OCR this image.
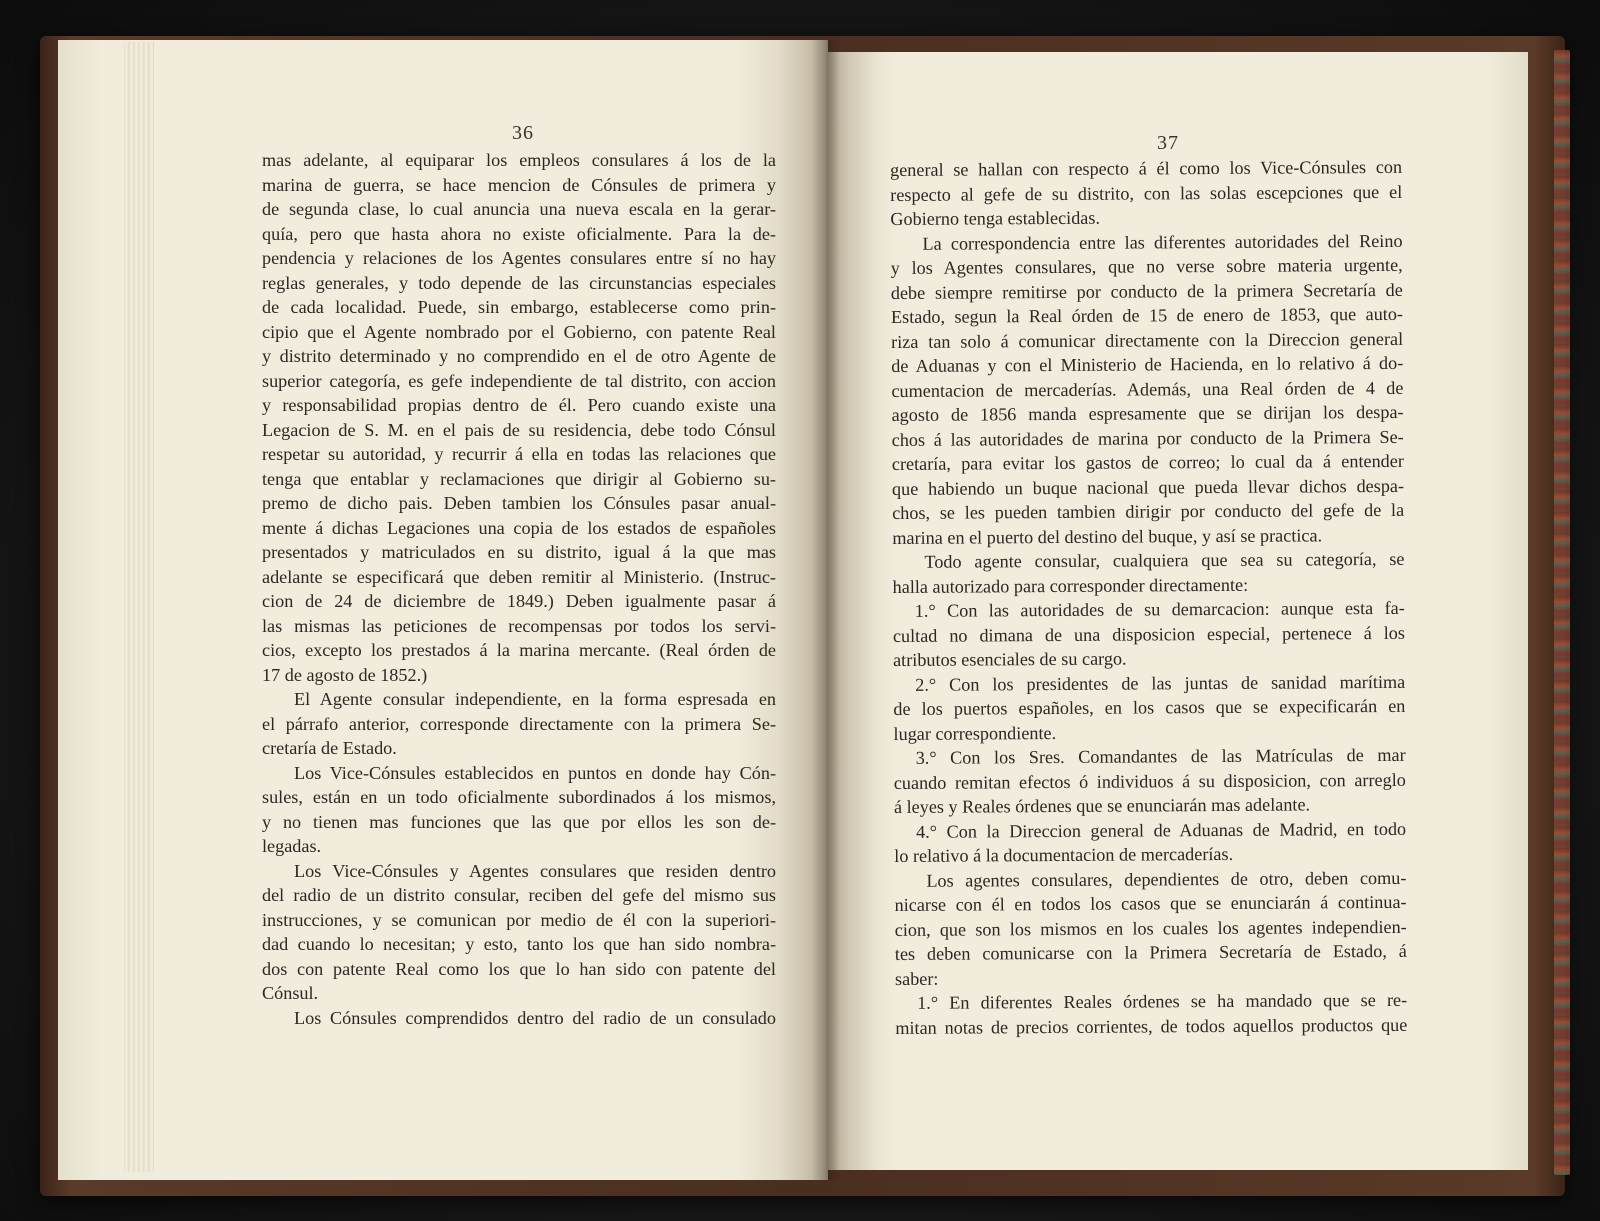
36	37
mas adelante, al equiparar los empleos consulares á los de la
marina de guerra, se hace mencion de Cónsules de primera y
de segunda clase, lo cual anuncia una nueva escala en la gerar-
quía, pero que hasta ahora no existe oficialmente. Para la de-
pendencia y relaciones de los Agentes consulares entre sí no hay
reglas generales, y todo depende de las circunstancias especiales
de cada localidad. Puede, sin embargo, establecerse como prin-
cipio que el Agente nombrado por el Gobierno, con patente Real
y distrito determinado y no comprendido en el de otro Agente de
superior categoría, es gefe independiente de tal distrito, con accion
y responsabilidad propias dentro de él. Pero cuando existe una
Legacion de S. M. en el pais de su residencia, debe todo Cónsul
respetar su autoridad, y recurrir á ella en todas las relaciones que
tenga que entablar y reclamaciones que dirigir al Gobierno su-
premo de dicho pais. Deben tambien los Cónsules pasar anual-
mente á dichas Legaciones una copia de los estados de españoles
presentados y matriculados en su distrito, igual á la que mas
adelante se especificará que deben remitir al Ministerio. (Instruc-
cion de 24 de diciembre de 1849.) Deben igualmente pasar á
las mismas las peticiones de recompensas por todos los servi-
cios, excepto los prestados á la marina mercante. (Real órden de
17 de agosto de 1852.)
El Agente consular independiente, en la forma espresada en
el párrafo anterior, corresponde directamente con la primera Se-
cretaría de Estado.
Los Vice-Cónsules establecidos en puntos en donde hay Cón-
sules, están en un todo oficialmente subordinados á los mismos,
y no tienen mas funciones que las que por ellos les son de-
legadas.
Los Vice-Cónsules y Agentes consulares que residen dentro
del radio de un distrito consular, reciben del gefe del mismo sus
instrucciones, y se comunican por medio de él con la superiori-
dad cuando lo necesitan; y esto, tanto los que han sido nombra-
dos con patente Real como los que lo han sido con patente del
Cónsul.
Los Cónsules comprendidos dentro del radio de un consulado
general se hallan con respecto á él como los Vice-Cónsules con
respecto al gefe de su distrito, con las solas escepciones que el
Gobierno tenga establecidas.
La correspondencia entre las diferentes autoridades del Reino
y los Agentes consulares, que no verse sobre materia urgente,
debe siempre remitirse por conducto de la primera Secretaría de
Estado, segun la Real órden de 15 de enero de 1853, que auto-
riza tan solo á comunicar directamente con la Direccion general
de Aduanas y con el Ministerio de Hacienda, en lo relativo á do-
cumentacion de mercaderías. Además, una Real órden de 4 de
agosto de 1856 manda espresamente que se dirijan los despa-
chos á las autoridades de marina por conducto de la Primera Se-
cretaría, para evitar los gastos de correo; lo cual da á entender
que habiendo un buque nacional que pueda llevar dichos despa-
chos, se les pueden tambien dirigir por conducto del gefe de la
marina en el puerto del destino del buque, y así se practica.
Todo agente consular, cualquiera que sea su categoría, se
halla autorizado para corresponder directamente:
1.° Con las autoridades de su demarcacion: aunque esta fa-
cultad no dimana de una disposicion especial, pertenece á los
atributos esenciales de su cargo.
2.° Con los presidentes de las juntas de sanidad marítima
de los puertos españoles, en los casos que se expecificarán en
lugar correspondiente.
3.° Con los Sres. Comandantes de las Matrículas de mar
cuando remitan efectos ó individuos á su disposicion, con arreglo
á leyes y Reales órdenes que se enunciarán mas adelante.
4.° Con la Direccion general de Aduanas de Madrid, en todo
lo relativo á la documentacion de mercaderías.
Los agentes consulares, dependientes de otro, deben comu-
nicarse con él en todos los casos que se enunciarán á continua-
cion, que son los mismos en los cuales los agentes independien-
tes deben comunicarse con la Primera Secretaría de Estado, á
saber:
1.° En diferentes Reales órdenes se ha mandado que se re-
mitan notas de precios corrientes, de todos aquellos productos que
